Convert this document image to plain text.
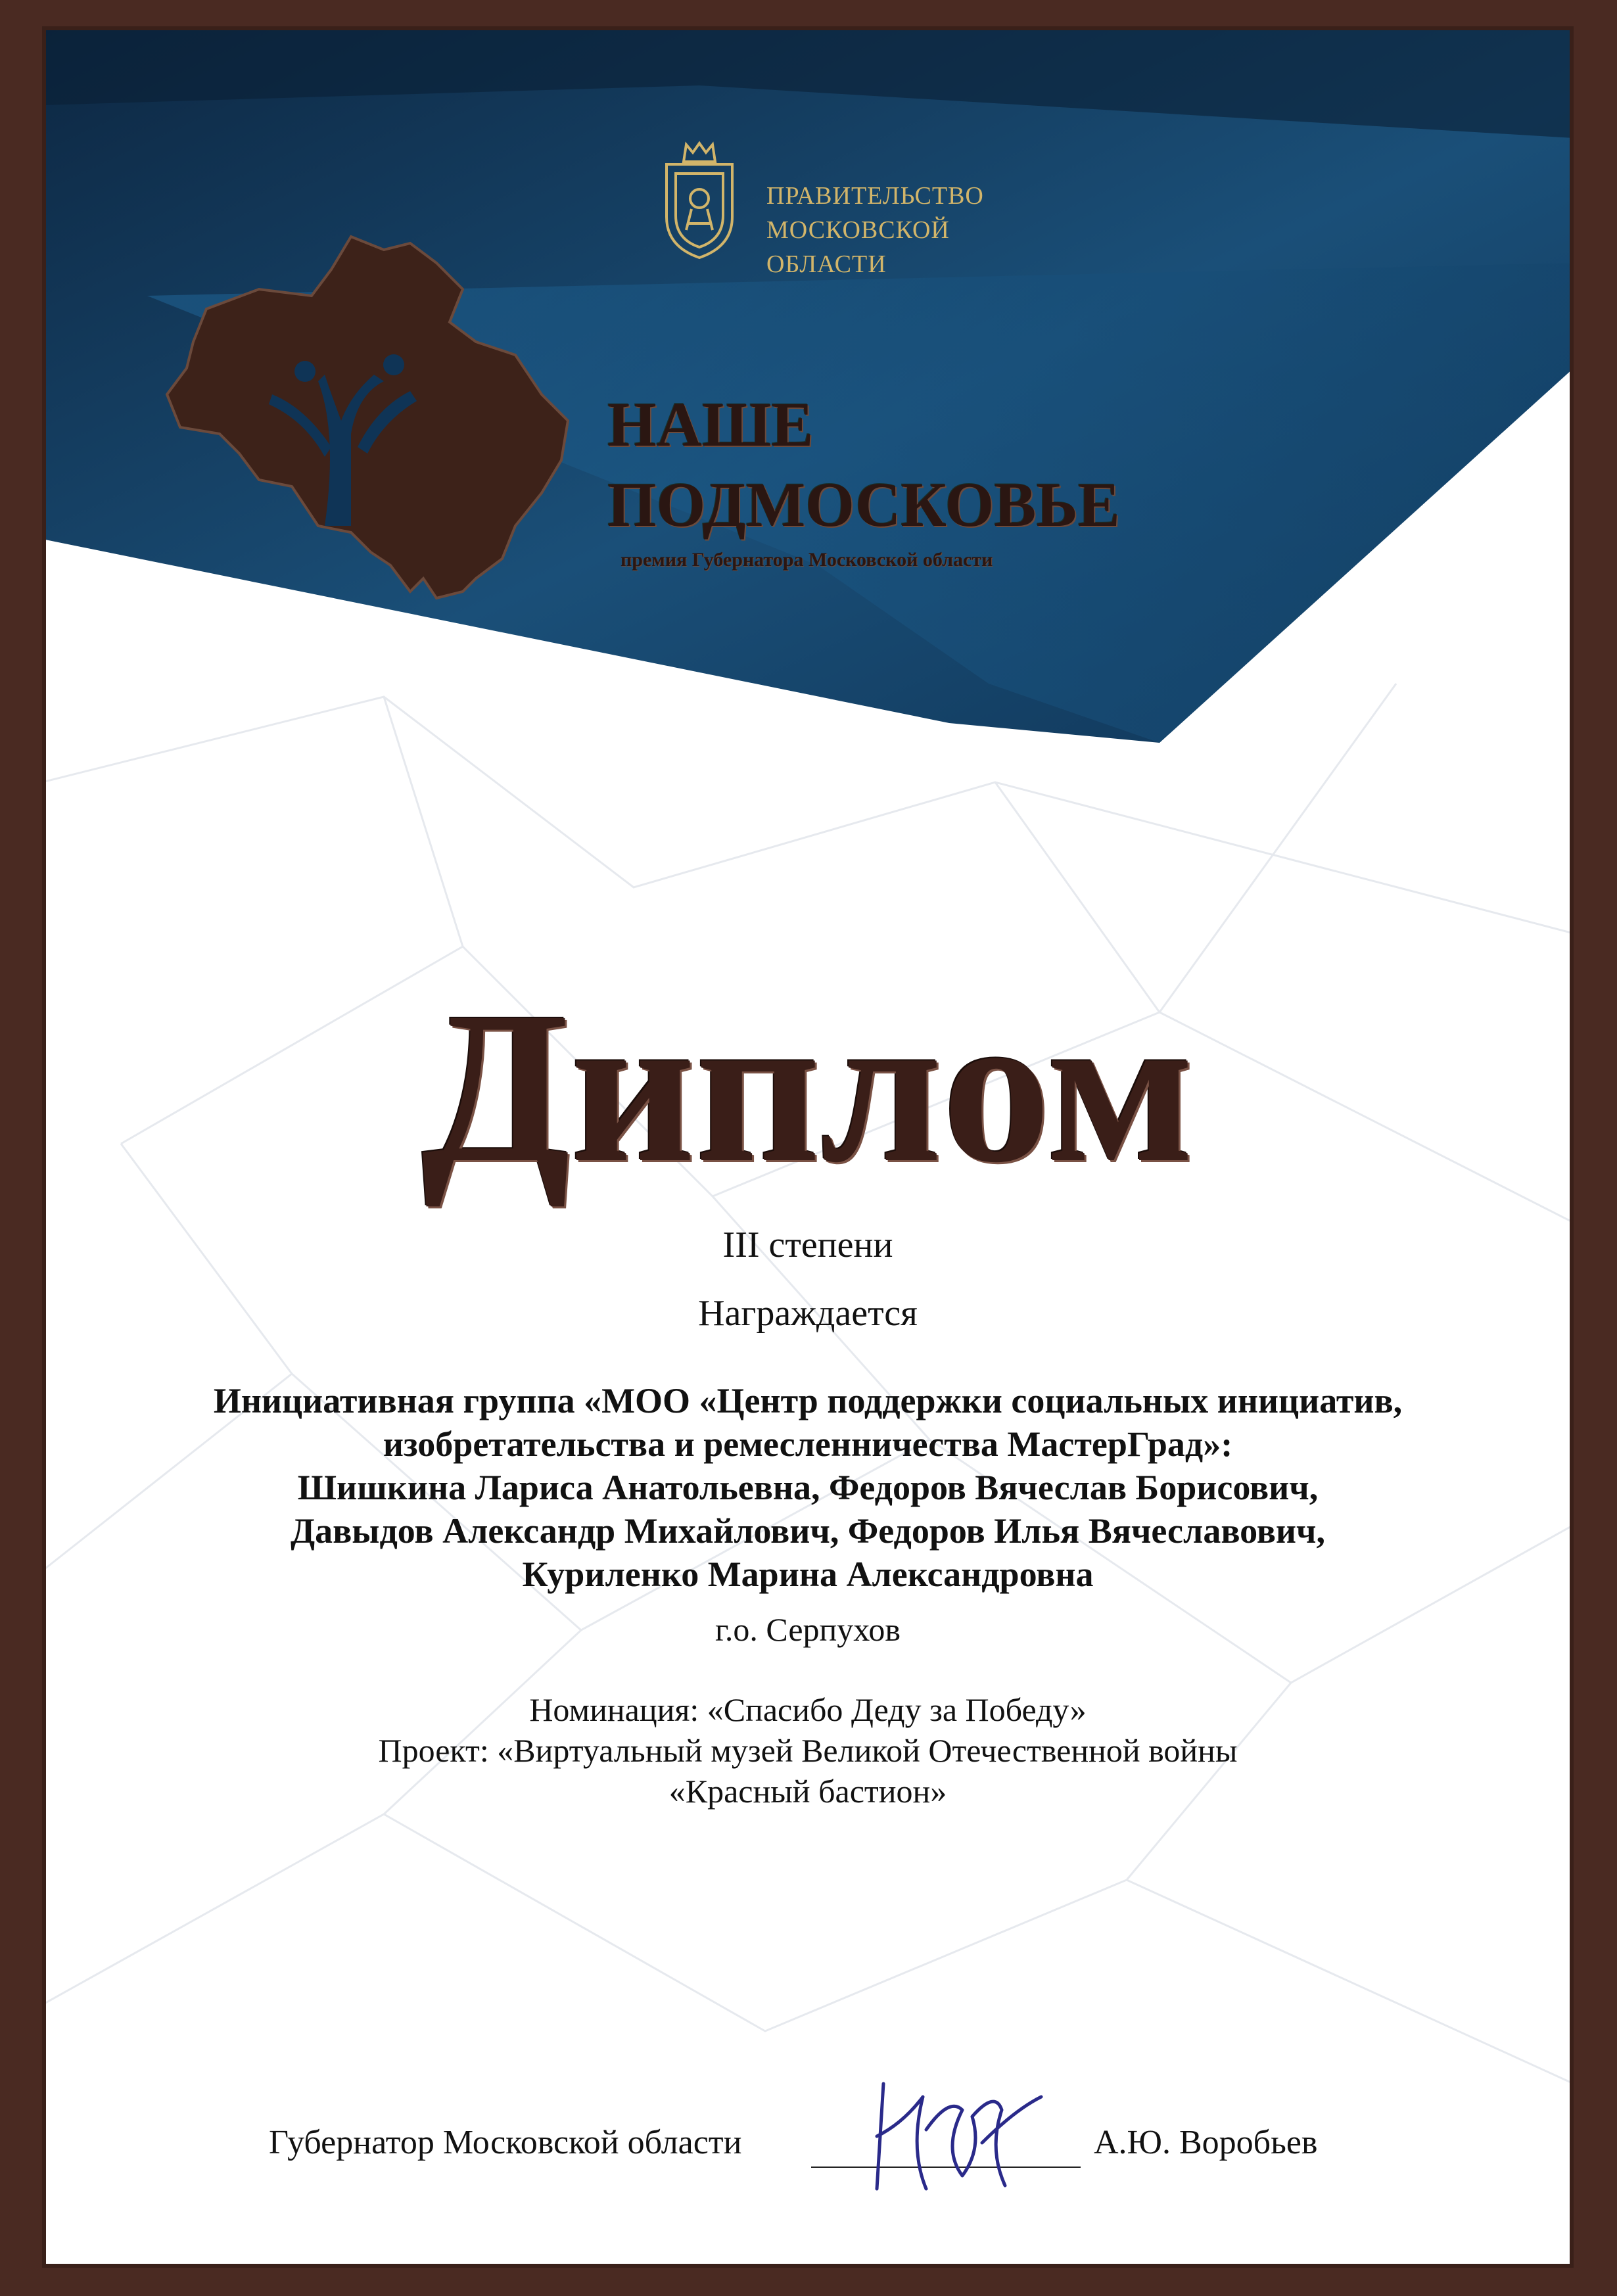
ПРАВИТЕЛЬСТВО
МОСКОВСКОЙ
ОБЛАСТИ
НАШЕ
ПОДМОСКОВЬЕ
премия Губернатора Московской области
Диплом
III степени
Награждается
Инициативная группа «МОО «Центр поддержки социальных инициатив,
изобретательства и ремесленничества МастерГрад»:
Шишкина Лариса Анатольевна, Федоров Вячеслав Борисович,
Давыдов Александр Михайлович, Федоров Илья Вячеславович,
Куриленко Марина Александровна
г.о. Серпухов
Номинация: «Спасибо Деду за Победу»
Проект: «Виртуальный музей Великой Отечественной войны
«Красный бастион»
Губернатор Московской области	А.Ю. Воробьев
